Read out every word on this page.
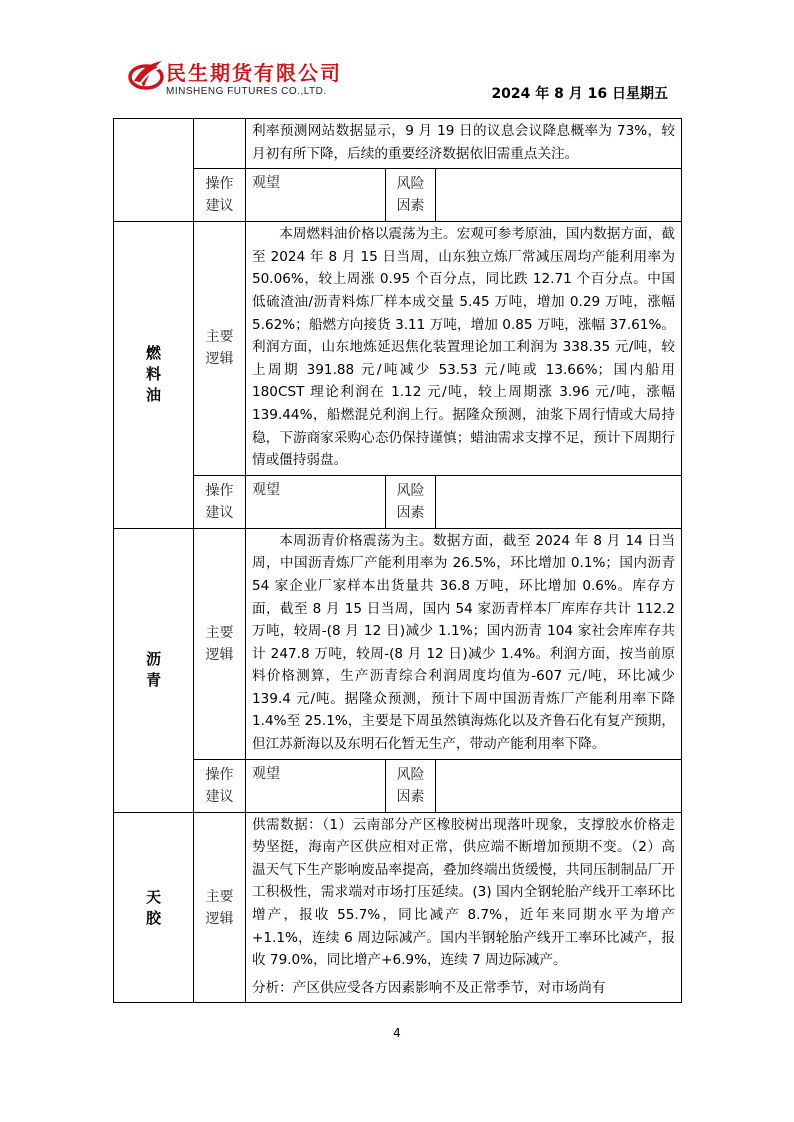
民生期货有限公司
MINSHENG FUTURES CO.,LTD.	2024 年 8 月 16 日星期五

		利率预测网站数据显示，9 月 19 日的议息会议降息概率为 73%，较月初有所下降，后续的重要经济数据依旧需重点关注。		

	操作建议	观望	风险因素	
燃料油	主要逻辑	本周燃料油价格以震荡为主。宏观可参考原油，国内数据方面，截至 2024 年 8 月 15 日当周，山东独立炼厂常减压周均产能利用率为 50.06%，较上周涨 0.95 个百分点，同比跌 12.71 个百分点。中国低硫渣油/沥青料炼厂样本成交量 5.45 万吨，增加 0.29 万吨，涨幅 5.62%；船燃方向接货 3.11 万吨，增加 0.85 万吨，涨幅 37.61%。利润方面，山东地炼延迟焦化装置理论加工利润为 338.35 元/吨，较上周期 391.88 元/吨减少 53.53 元/吨或 13.66%；国内船用 180CST 理论利润在 1.12 元/吨，较上周期涨 3.96 元/吨，涨幅 139.44%，船燃混兑利润上行。据隆众预测，油浆下周行情或大局持稳，下游商家采购心态仍保持谨慎；蜡油需求支撑不足，预计下周期行情或僵持弱盘。		

	操作建议	观望	风险因素	
沥青	主要逻辑	本周沥青价格震荡为主。数据方面，截至 2024 年 8 月 14 日当周，中国沥青炼厂产能利用率为 26.5%，环比增加 0.1%；国内沥青 54 家企业厂家样本出货量共 36.8 万吨，环比增加 0.6%。库存方面，截至 8 月 15 日当周，国内 54 家沥青样本厂库库存共计 112.2 万吨，较周-(8 月 12 日)减少 1.1%；国内沥青 104 家社会库库存共计 247.8 万吨，较周-(8 月 12 日)减少 1.4%。利润方面，按当前原料价格测算，生产沥青综合利润周度均值为-607 元/吨，环比减少 139.4 元/吨。据隆众预测，预计下周中国沥青炼厂产能利用率下降 1.4%至 25.1%，主要是下周虽然镇海炼化以及齐鲁石化有复产预期，但江苏新海以及东明石化暂无生产，带动产能利用率下降。		

	操作建议	观望	风险因素	
天胶	主要逻辑	供需数据：（1）云南部分产区橡胶树出现落叶现象，支撑胶水价格走势坚挺，海南产区供应相对正常，供应端不断增加预期不变。（2）高温天气下生产影响废品率提高，叠加终端出货缓慢，共同压制制品厂开工积极性，需求端对市场打压延续。(3) 国内全钢轮胎产线开工率环比增产，报收 55.7%，同比减产 8.7%，近年来同期水平为增产+1.1%，连续 6 周边际减产。国内半钢轮胎产线开工率环比减产，报收 79.0%，同比增产+6.9%，连续 7 周边际减产。

分析：产区供应受各方因素影响不及正常季节，对市场尚有		

4
